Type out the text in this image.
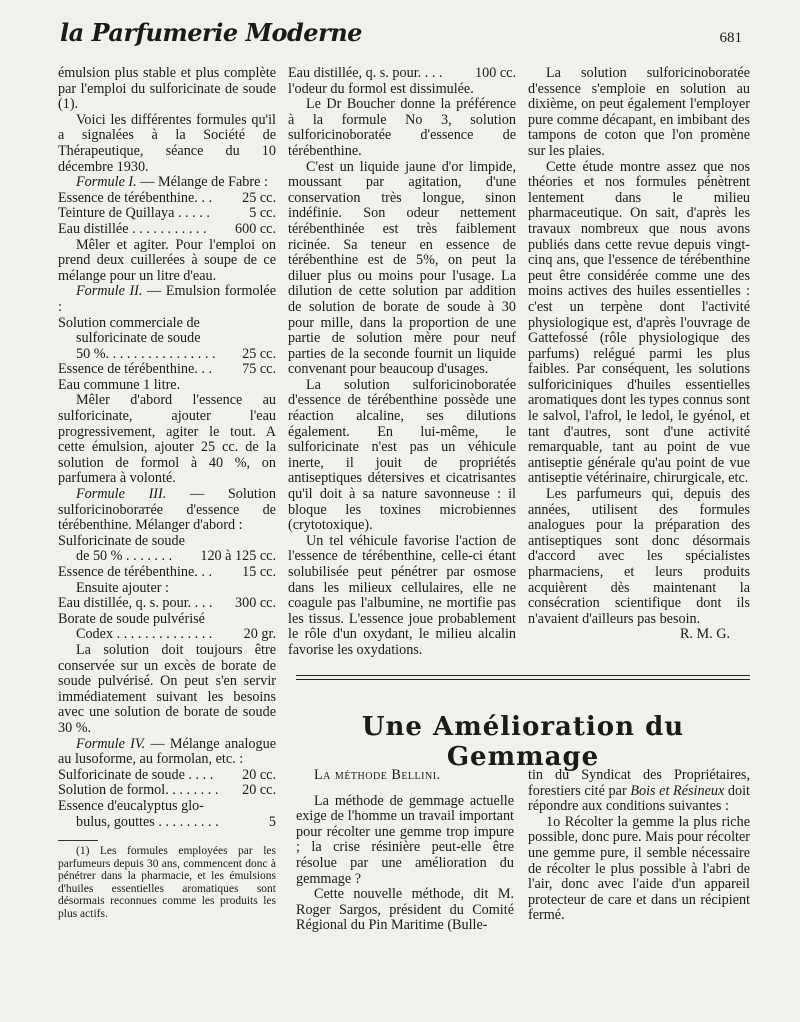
la Parfumerie Moderne	681

émulsion plus stable et plus complète par l'emploi du sulforicinate de soude (1).

Voici les différentes formules qu'il a signalées à la Société de Thérapeutique, séance du 10 décembre 1930.

Formule I. — Mélange de Fabre :

Essence de térébenthine. . . 25 cc.
Teinture de Quillaya . . . . .	5 cc.
Eau distillée . . . . . . . . . . . 600 cc.

Mêler et agiter. Pour l'emploi on prend deux cuillerées à soupe de ce mélange pour un litre d'eau.

Formule II. — Emulsion formolée :

Solution commerciale de

sulforicinate de soude

50 %. . . . . . . . . . . . . . . . 25 cc.
Essence de térébenthine. . . 75 cc.

Eau commune 1 litre.

Mêler d'abord l'essence au sulforicinate, ajouter l'eau progressivement, agiter le tout. A cette émulsion, ajouter 25 cc. de la solution de formol à 40 %, on parfumera à volonté.

Formule III. — Solution sulforicinoborатée d'essence de térébenthine. Mélanger d'abord :

Sulforicinate de soude

de 50 % . . . . . . . 120 à 125 cc.
Essence de térébenthine. . . 15 cc.

Ensuite ajouter :

Eau distillée, q. s. pour. . . . 300 cc.

Borate de soude pulvérisé

Codex . . . . . . . . . . . . . . 20 gr.

La solution doit toujours être conservée sur un excès de borate de soude pulvérisé. On peut s'en servir immédiatement suivant les besoins avec une solution de borate de soude 30 %.

Formule IV. — Mélange analogue au lusoforme, au formolan, etc. :

Sulforicinate de soude . . . . 20 cc.
Solution de formol. . . . . . . . 20 cc.

Essence d'eucalyptus glo-

bulus, gouttes . . . . . . . . .	5

(1) Les formules employées par les parfumeurs depuis 30 ans, commencent donc à pénétrer dans la pharmacie, et les émulsions d'huiles essentielles aromatiques sont désormais reconnues comme les produits les plus actifs.

Eau distillée, q. s. pour. . . . 100 cc.

l'odeur du formol est dissimulée.

Le Dr Boucher donne la préférence à la formule No 3, solution sulforicinoboratée d'essence de térébenthine.

C'est un liquide jaune d'or limpide, moussant par agitation, d'une conservation très longue, sinon indéfinie. Son odeur nettement térébenthinée est très faiblement ricinée. Sa teneur en essence de térébenthine est de 5%, on peut la diluer plus ou moins pour l'usage. La dilution de cette solution par addition de solution de borate de soude à 30 pour mille, dans la proportion de une partie de solution mère pour neuf parties de la seconde fournit un liquide convenant pour beaucoup d'usages.

La solution sulforicinoboratée d'essence de térébenthine possède une réaction alcaline, ses dilutions également. En lui-même, le sulforicinate n'est pas un véhicule inerte, il jouit de propriétés antiseptiques détersives et cicatrisantes qu'il doit à sa nature savonneuse : il bloque les toxines microbiennes (crytotoxique).

Un tel véhicule favorise l'action de l'essence de térébenthine, celle-ci étant solubilisée peut pénétrer par osmose dans les milieux cellulaires, elle ne coagule pas l'albumine, ne mortifie pas les tissus. L'essence joue probablement le rôle d'un oxydant, le milieu alcalin favorise les oxydations.

La solution sulforicinoboratée d'essence s'emploie en solution au dixième, on peut également l'employer pure comme décapant, en imbibant des tampons de coton que l'on promène sur les plaies.

Cette étude montre assez que nos théories et nos formules pénètrent lentement dans le milieu pharmaceutique. On sait, d'après les travaux nombreux que nous avons publiés dans cette revue depuis vingt-cinq ans, que l'essence de térébenthine peut être considérée comme une des moins actives des huiles essentielles : c'est un terpène dont l'activité physiologique est, d'après l'ouvrage de Gattefossé (rôle physiologique des parfums) relégué parmi les plus faibles. Par conséquent, les solutions sulforiciniques d'huiles essentielles aromatiques dont les types connus sont le salvol, l'afrol, le ledol, le gyénol, et tant d'autres, sont d'une activité remarquable, tant au point de vue antiseptie générale qu'au point de vue antiseptie vétérinaire, chirurgicale, etc.

Les parfumeurs qui, depuis des années, utilisent des formules analogues pour la préparation des antiseptiques sont donc désormais d'accord avec les spécialistes pharmaciens, et leurs produits acquièrent dès maintenant la consécration scientifique dont ils n'avaient d'ailleurs pas besoin.

R. M. G.

Une Amélioration du Gemmage

La méthode Bellini.

La méthode de gemmage actuelle exige de l'homme un travail important pour récolter une gemme trop impure ; la crise résinière peut-elle être résolue par une amélioration du gemmage ?

Cette nouvelle méthode, dit M. Roger Sargos, président du Comité Régional du Pin Maritime (Bulle-

tin du Syndicat des Propriétaires, forestiers cité par Bois et Résineux doit répondre aux conditions suivantes :

1o Récolter la gemme la plus riche possible, donc pure. Mais pour récolter une gemme pure, il semble nécessaire de récolter le plus possible à l'abri de l'air, donc avec l'aide d'un appareil protecteur de care et dans un récipient fermé.
